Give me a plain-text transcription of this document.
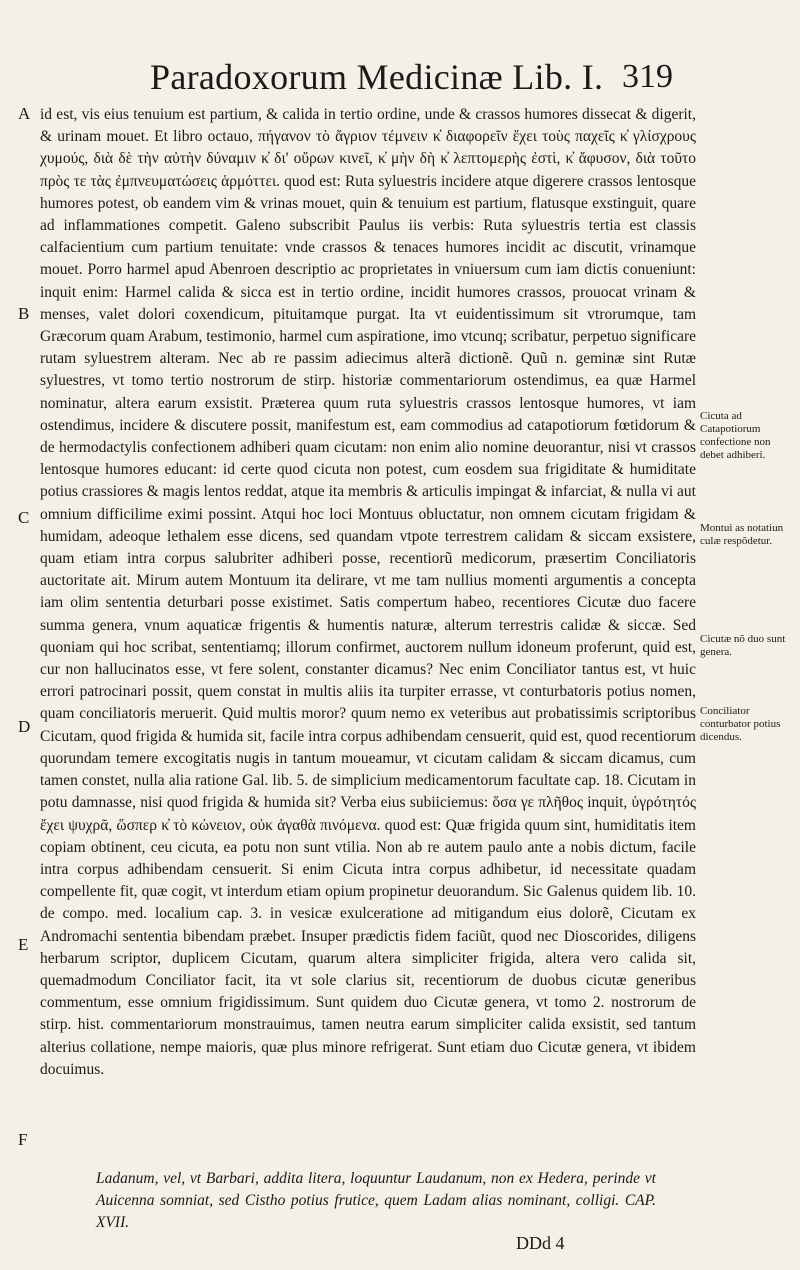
Paradoxorum Medicinæ Lib. I. 319
A
B
C
D
E
F

id est, vis eius tenuium est partium, & calida in tertio ordine, unde & crassos humores dissecat & digerit, & urinam mouet. Et libro octauo, πήγανον τὸ ἄγριον τέμνειν κ̓ διαφορεῖν ἔχει τοὺς παχεῖς κ̓ γλίσχρους χυμούς, διὰ δὲ τὴν αὐτὴν δύναμιν κ̓ δι' οὔρων κινεῖ, κ̓ μὴν δὴ κ̓ λεπτομερὴς ἐστὶ, κ̓ ἄφυσον, διὰ τοῦτο πρὸς τε τὰς ἐμπνευματώσεις ἁρμόττει. quod est: Ruta syluestris incidere atque digerere crassos lentosque humores potest, ob eandem vim & vrinas mouet, quin & tenuium est partium, flatusque exstinguit, quare ad inflammationes competit. Galeno subscribit Paulus iis verbis: Ruta syluestris tertia est classis calfacientium cum partium tenuitate: vnde crassos & tenaces humores incidit ac discutit, vrinamque mouet. Porro harmel apud Abenroen descriptio ac proprietates in vniuersum cum iam dictis conueniunt: inquit enim: Harmel calida & sicca est in tertio ordine, incidit humores crassos, prouocat vrinam & menses, valet dolori coxendicum, pituitamque purgat. Ita vt euidentissimum sit vtrorumque, tam Græcorum quam Arabum, testimonio, harmel cum aspiratione, imo vtcunq; scribatur, perpetuo significare rutam syluestrem alteram. Nec ab re passim adiecimus alterã dictionẽ. Quũ n. geminæ sint Rutæ syluestres, vt tomo tertio nostrorum de stirp. historiæ commentariorum ostendimus, ea quæ Harmel nominatur, altera earum exsistit. Præterea quum ruta syluestris crassos lentosque humores, vt iam ostendimus, incidere & discutere possit, manifestum est, eam commodius ad catapotiorum fœtidorum & de hermodactylis confectionem adhiberi quam cicutam: non enim alio nomine deuorantur, nisi vt crassos lentosque humores educant: id certe quod cicuta non potest, cum eosdem sua frigiditate & humiditate potius crassiores & magis lentos reddat, atque ita membris & articulis impingat & infarciat, & nulla vi aut omnium difficilime eximi possint. Atqui hoc loci Montuus obluctatur, non omnem cicutam frigidam & humidam, adeoque lethalem esse dicens, sed quandam vtpote terrestrem calidam & siccam exsistere, quam etiam intra corpus salubriter adhiberi posse, recentiorũ medicorum, præsertim Conciliatoris auctoritate ait. Mirum autem Montuum ita delirare, vt me tam nullius momenti argumentis a concepta iam olim sententia deturbari posse existimet. Satis compertum habeo, recentiores Cicutæ duo facere summa genera, vnum aquaticæ frigentis & humentis naturæ, alterum terrestris calidæ & siccæ. Sed quoniam qui hoc scribat, sententiamq; illorum confirmet, auctorem nullum idoneum proferunt, quid est, cur non hallucinatos esse, vt fere solent, constanter dicamus? Nec enim Conciliator tantus est, vt huic errori patrocinari possit, quem constat in multis aliis ita turpiter errasse, vt conturbatoris potius nomen, quam conciliatoris meruerit. Quid multis moror? quum nemo ex veteribus aut probatissimis scriptoribus Cicutam, quod frigida & humida sit, facile intra corpus adhibendam censuerit, quid est, quod recentiorum quorundam temere excogitatis nugis in tantum moueamur, vt cicutam calidam & siccam dicamus, cum tamen constet, nulla alia ratione Gal. lib. 5. de simplicium medicamentorum facultate cap. 18. Cicutam in potu damnasse, nisi quod frigida & humida sit? Verba eius subiiciemus: ὅσα γε πλῆθος inquit, ὑγρότητός ἔχει ψυχρᾶ, ὥσπερ κ̓ τὸ κώνειον, οὐκ ἀγαθὰ πινόμενα. quod est: Quæ frigida quum sint, humiditatis item copiam obtinent, ceu cicuta, ea potu non sunt vtilia. Non ab re autem paulo ante a nobis dictum, facile intra corpus adhibendam censuerit. Si enim Cicuta intra corpus adhibetur, id necessitate quadam compellente fit, quæ cogit, vt interdum etiam opium propinetur deuorandum. Sic Galenus quidem lib. 10. de compo. med. localium cap. 3. in vesicæ exulceratione ad mitigandum eius dolorẽ, Cicutam ex Andromachi sententia bibendam præbet. Insuper prædictis fidem faciũt, quod nec Dioscorides, diligens herbarum scriptor, duplicem Cicutam, quarum altera simpliciter frigida, altera vero calida sit, quemadmodum Conciliator facit, ita vt sole clarius sit, recentiorum de duobus cicutæ generibus commentum, esse omnium frigidissimum. Sunt quidem duo Cicutæ genera, vt tomo 2. nostrorum de stirp. hist. commentariorum monstrauimus, tamen neutra earum simpliciter calida exsistit, sed tantum alterius collatione, nempe maioris, quæ plus minore refrigerat. Sunt etiam duo Cicutæ genera, vt ibidem docuimus.

Cicuta ad Catapotiorum confectione non debet adhiberi.
Montui as notatiun culæ respõdetur.
Cicutæ nõ duo sunt genera.
Conciliator conturbator potius dicendus.
Ladanum, vel, vt Barbari, addita litera, loquuntur Laudanum, non ex Hedera, perinde vt Auicenna somniat, sed Cistho potius frutice, quem Ladam alias nominant, colligi. CAP. XVII.
DDd 4
